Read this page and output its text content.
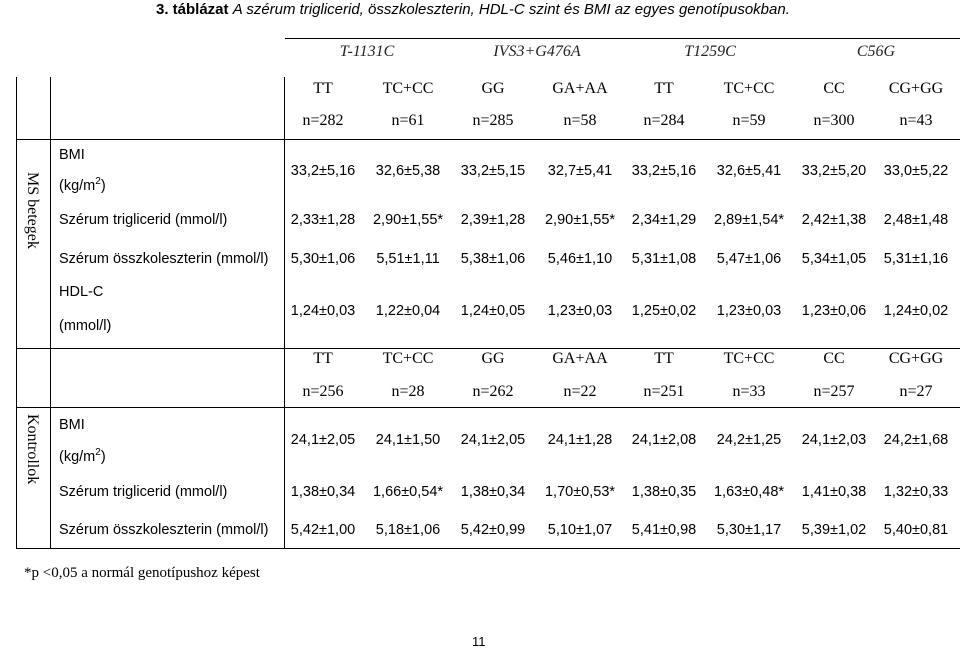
3. táblázat A szérum triglicerid, összkoleszterin, HDL-C szint és BMI az egyes genotípusokban.
MS betegek
Kontrollok
T-1131C	IVS3+G476A	T1259C	C56G
TT	TC+CC	GG	GA+AA	TT	TC+CC	CC	CG+GG
n=282	n=61	n=285	n=58	n=284	n=59	n=300	n=43
BMI
$(kg/m^2)$
33,2±5,16 32,6±5,38 33,2±5,15 32,7±5,41 33,2±5,16 32,6±5,41 33,2±5,20 33,0±5,22
Szérum triglicerid (mmol/l)	2,33±1,28 2,90±1,55* 2,39±1,28 2,90±1,55* 2,34±1,29 2,89±1,54* 2,42±1,38 2,48±1,48
Szérum összkoleszterin (mmol/l) 5,30±1,06 5,51±1,11 5,38±1,06 5,46±1,10 5,31±1,08 5,47±1,06 5,34±1,05 5,31±1,16
HDL-C
(mmol/l)
1,24±0,03 1,22±0,04 1,24±0,05 1,23±0,03 1,25±0,02 1,23±0,03 1,23±0,06 1,24±0,02
TT	TC+CC	GG	GA+AA	TT	TC+CC	CC	CG+GG
n=256	n=28	n=262	n=22	n=251	n=33	n=257	n=27
BMI
$(kg/m^2)$
24,1±2,05 24,1±1,50 24,1±2,05 24,1±1,28 24,1±2,08 24,2±1,25 24,1±2,03 24,2±1,68
Szérum triglicerid (mmol/l)	1,38±0,34 1,66±0,54* 1,38±0,34 1,70±0,53* 1,38±0,35 1,63±0,48* 1,41±0,38 1,32±0,33
Szérum összkoleszterin (mmol/l) 5,42±1,00 5,18±1,06 5,42±0,99 5,10±1,07 5,41±0,98 5,30±1,17 5,39±1,02 5,40±0,81
*p <0,05 a normál genotípushoz képest
11
